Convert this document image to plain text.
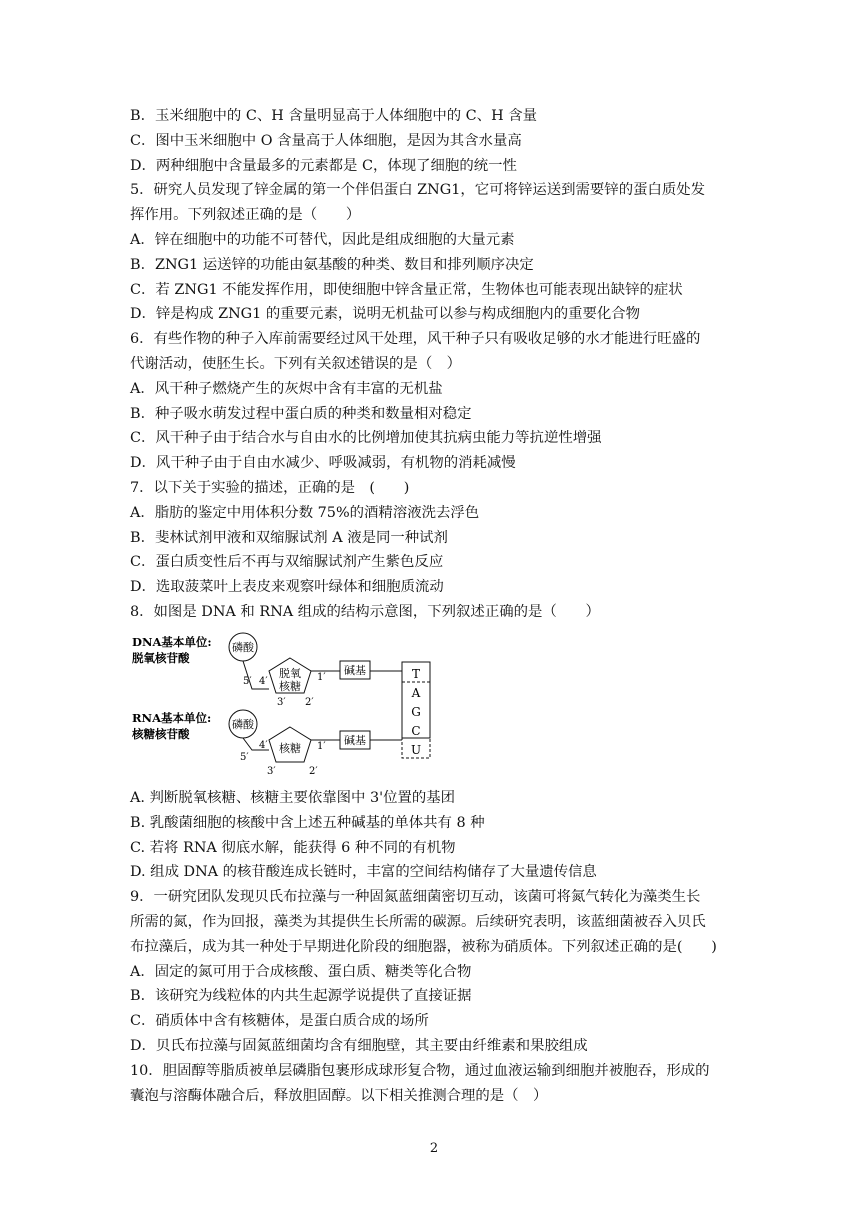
B．玉米细胞中的 C、H 含量明显高于人体细胞中的 C、H 含量
C．图中玉米细胞中 O 含量高于人体细胞，是因为其含水量高
D．两种细胞中含量最多的元素都是 C，体现了细胞的统一性
5．研究人员发现了锌金属的第一个伴侣蛋白 ZNG1，它可将锌运送到需要锌的蛋白质处发
挥作用。下列叙述正确的是（　　）
A．锌在细胞中的功能不可替代，因此是组成细胞的大量元素
B．ZNG1 运送锌的功能由氨基酸的种类、数目和排列顺序决定
C．若 ZNG1 不能发挥作用，即使细胞中锌含量正常，生物体也可能表现出缺锌的症状
D．锌是构成 ZNG1 的重要元素，说明无机盐可以参与构成细胞内的重要化合物
6．有些作物的种子入库前需要经过风干处理，风干种子只有吸收足够的水才能进行旺盛的
代谢活动，使胚生长。下列有关叙述错误的是（　）
A．风干种子燃烧产生的灰烬中含有丰富的无机盐
B．种子吸水萌发过程中蛋白质的种类和数量相对稳定
C．风干种子由于结合水与自由水的比例增加使其抗病虫能力等抗逆性增强
D．风干种子由于自由水减少、呼吸减弱，有机物的消耗减慢
7．以下关于实验的描述，正确的是　(　　)
A．脂肪的鉴定中用体积分数 75%的酒精溶液洗去浮色
B．斐林试剂甲液和双缩脲试剂 A 液是同一种试剂
C．蛋白质变性后不再与双缩脲试剂产生紫色反应
D．选取菠菜叶上表皮来观察叶绿体和细胞质流动
8．如图是 DNA 和 RNA 组成的结构示意图，下列叙述正确的是（　　）
DNA基本单位:
脱氧核苷酸
磷酸
5′ 4′
脱氧
核糖
1′
3′ 2′
碱基	T
A
G
C
U
RNA基本单位:
核糖核苷酸
磷酸
5′
4′ 核糖 1′
3′	2′
碱基
A. 判断脱氧核糖、核糖主要依靠图中 3'位置的基团
B. 乳酸菌细胞的核酸中含上述五种碱基的单体共有 8 种
C. 若将 RNA 彻底水解，能获得 6 种不同的有机物
D. 组成 DNA 的核苷酸连成长链时，丰富的空间结构储存了大量遗传信息
9．一研究团队发现贝氏布拉藻与一种固氮蓝细菌密切互动，该菌可将氮气转化为藻类生长
所需的氮，作为回报，藻类为其提供生长所需的碳源。后续研究表明，该蓝细菌被吞入贝氏
布拉藻后，成为其一种处于早期进化阶段的细胞器，被称为硝质体。下列叙述正确的是(　　)
A．固定的氮可用于合成核酸、蛋白质、糖类等化合物
B．该研究为线粒体的内共生起源学说提供了直接证据
C．硝质体中含有核糖体，是蛋白质合成的场所
D．贝氏布拉藻与固氮蓝细菌均含有细胞壁，其主要由纤维素和果胶组成
10．胆固醇等脂质被单层磷脂包裹形成球形复合物，通过血液运输到细胞并被胞吞，形成的
囊泡与溶酶体融合后，释放胆固醇。以下相关推测合理的是（　）
2
